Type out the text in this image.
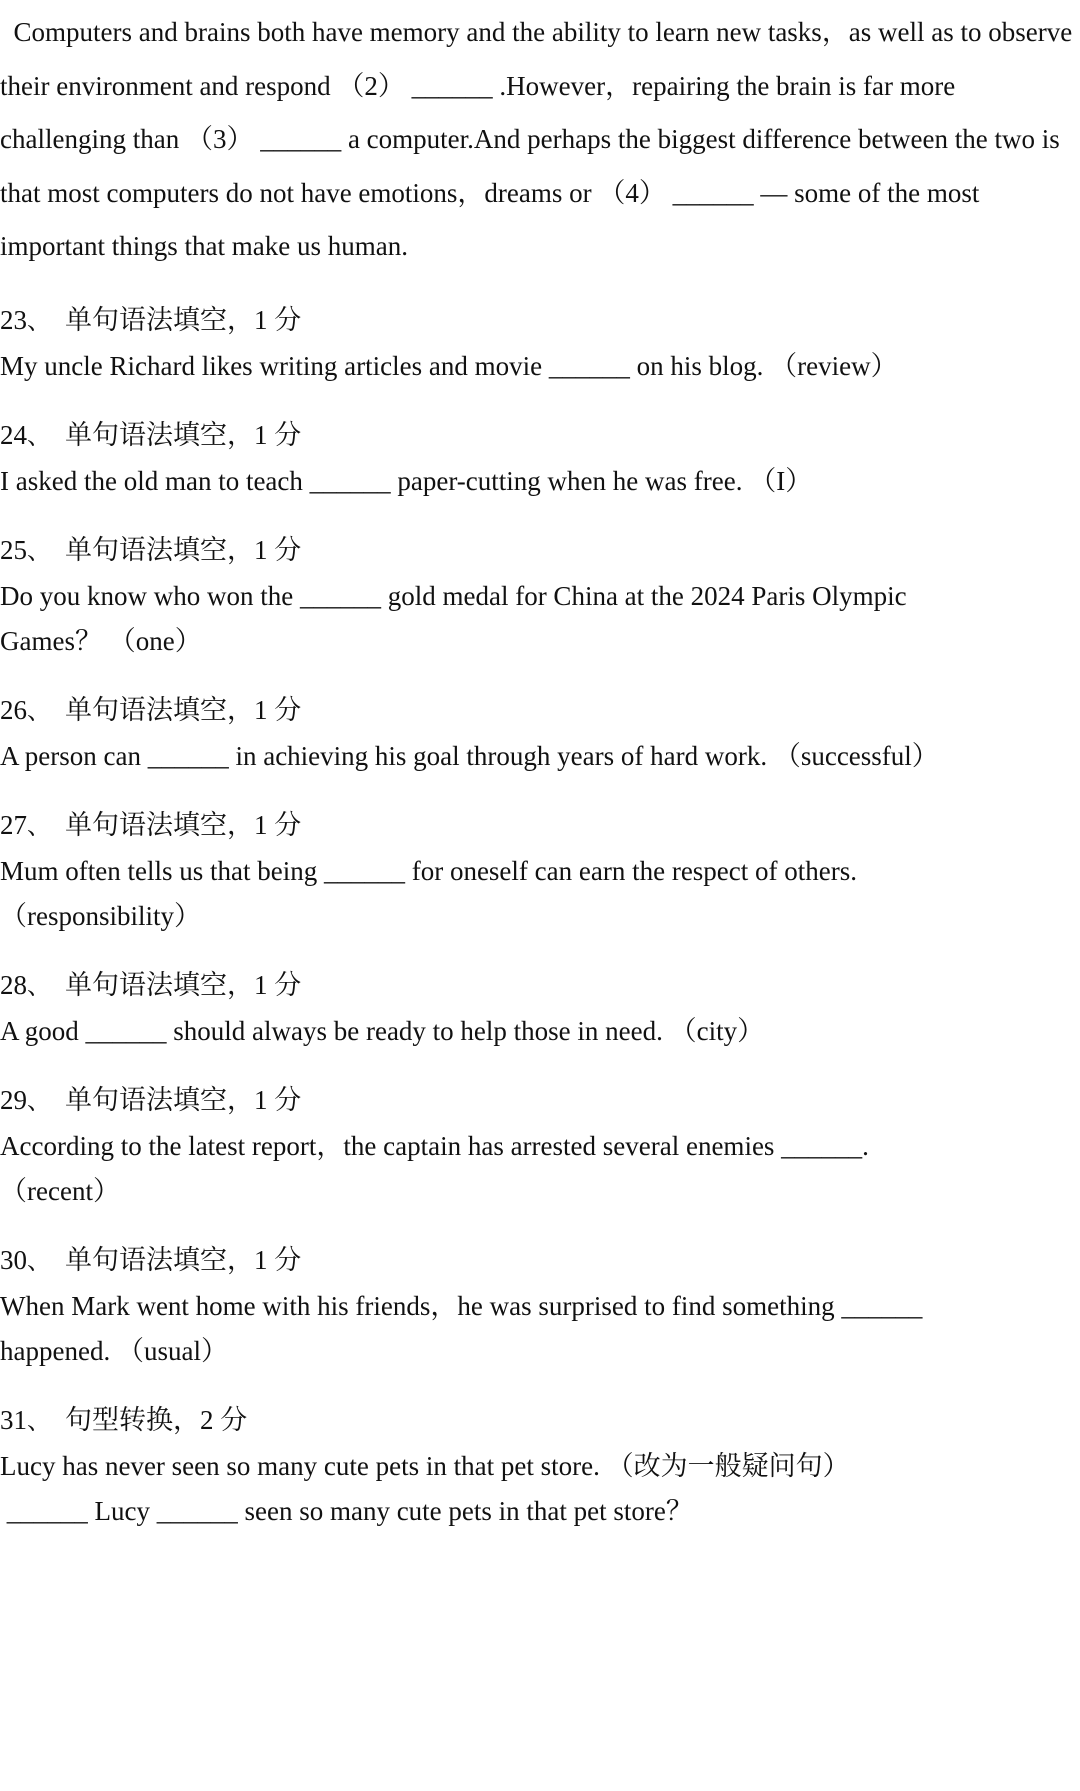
Computers and brains both have memory and the ability to learn new tasks，as well as to observe their environment and respond （2） ______ .However，repairing the brain is far more challenging than （3） ______ a computer.And perhaps the biggest difference between the two is that most computers do not have emotions，dreams or （4） ______ — some of the most important things that make us human.

23、 单句语法填空，1 分
My uncle Richard likes writing articles and movie ______ on his blog. （review）
24、 单句语法填空，1 分
I asked the old man to teach ______ paper-cutting when he was free. （I）
25、 单句语法填空，1 分
Do you know who won the ______ gold medal for China at the 2024 Paris Olympic
Games？ （one）
26、 单句语法填空，1 分
A person can ______ in achieving his goal through years of hard work. （successful）
27、 单句语法填空，1 分
Mum often tells us that being ______ for oneself can earn the respect of others.
（responsibility）
28、 单句语法填空，1 分
A good ______ should always be ready to help those in need. （city）
29、 单句语法填空，1 分
According to the latest report，the captain has arrested several enemies ______.
（recent）
30、 单句语法填空，1 分
When Mark went home with his friends，he was surprised to find something ______
happened. （usual）
31、 句型转换，2 分
Lucy has never seen so many cute pets in that pet store. （改为一般疑问句）
______ Lucy ______ seen so many cute pets in that pet store？
